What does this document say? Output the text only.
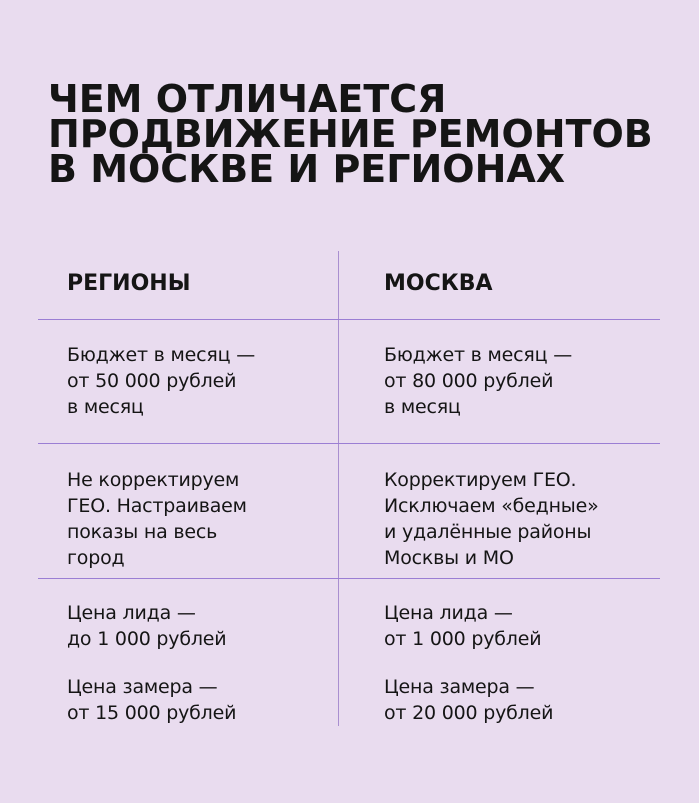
ЧЕМ ОТЛИЧАЕТСЯ
ПРОДВИЖЕНИЕ РЕМОНТОВ
В МОСКВЕ И РЕГИОНАХ
РЕГИОНЫ	МОСКВА
Бюджет в месяц —
от 50 000 рублей
в месяц
Бюджет в месяц —
от 80 000 рублей
в месяц
Не корректируем
ГЕО. Настраиваем
показы на весь
город
Корректируем ГЕО.
Исключаем «бедные»
и удалённые районы
Москвы и МО
Цена лида —
до 1 000 рублей
Цена замера —
от 15 000 рублей
Цена лида —
от 1 000 рублей
Цена замера —
от 20 000 рублей
